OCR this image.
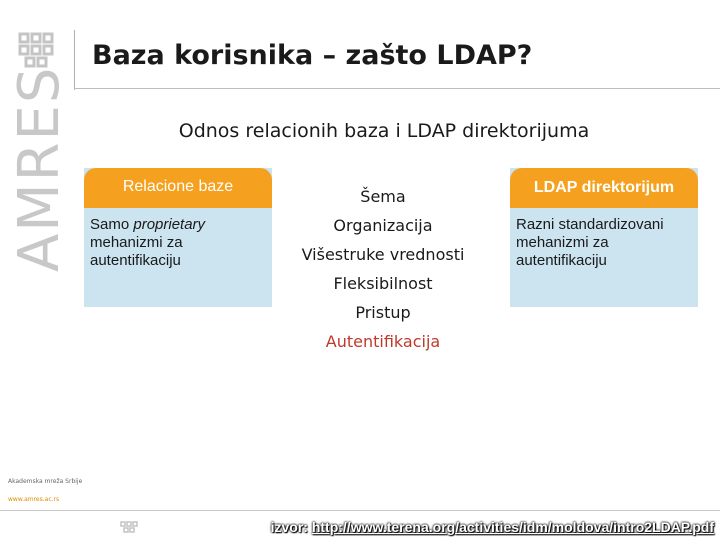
AMRES
Baza korisnika – zašto LDAP?
Odnos relacionih baza i LDAP direktorijuma
Relacione baze
Samo proprietary mehanizmi za autentifikaciju
Šema
Organizacija
Višestruke vrednosti
Fleksibilnost
Pristup
Autentifikacija
LDAP direktorijum
Razni standardizovani mehanizmi za autentifikaciju
Akademska mreža Srbije
www.amres.ac.rs
izvor: http://www.terena.org/activities/idm/moldova/intro2LDAP.pdf
